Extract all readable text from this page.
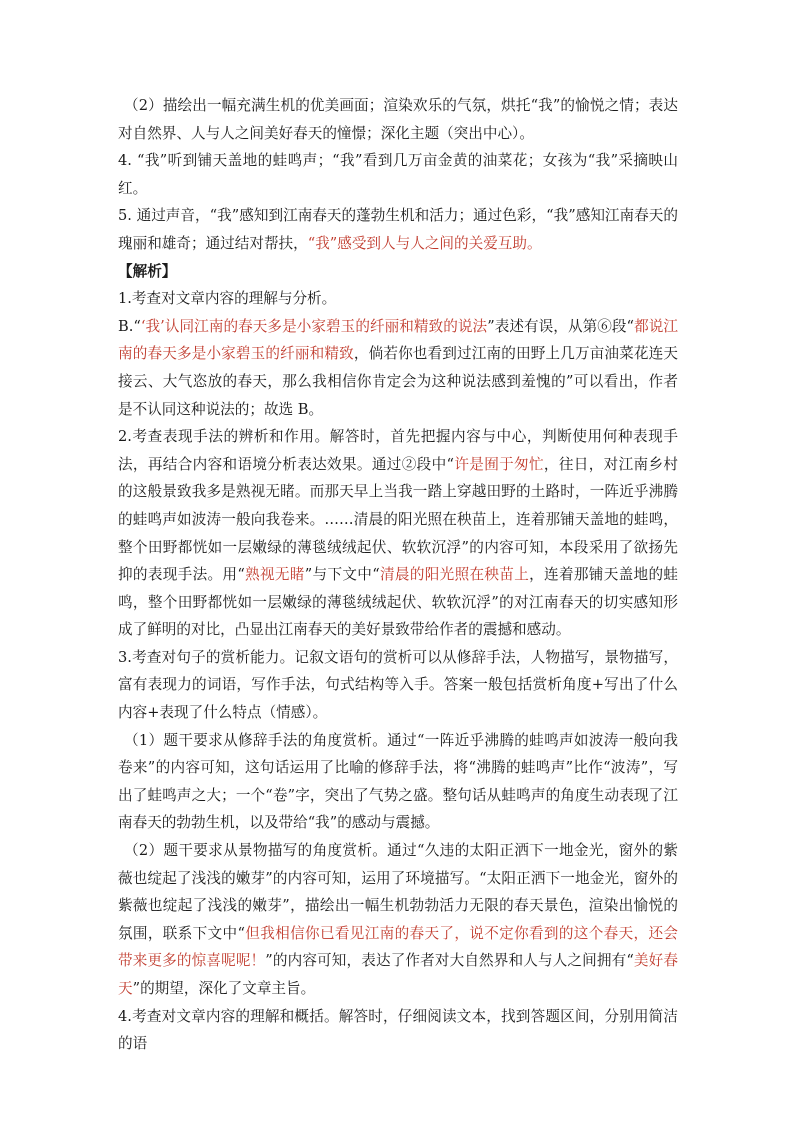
（2）描绘出一幅充满生机的优美画面；渲染欢乐的气氛，烘托“我”的愉悦之情；表达对自然界、人与人之间美好春天的憧憬；深化主题（突出中心）。

4. “我”听到铺天盖地的蛙鸣声；“我”看到几万亩金黄的油菜花；女孩为“我”采摘映山红。

5. 通过声音，“我”感知到江南春天的蓬勃生机和活力；通过色彩，“我”感知江南春天的瑰丽和雄奇；通过结对帮扶，“我”感受到人与人之间的关爱互助。

【解析】

1.考查对文章内容的理解与分析。

B.“‘我’认同江南的春天多是小家碧玉的纤丽和精致的说法”表述有误，从第⑥段“都说江南的春天多是小家碧玉的纤丽和精致，倘若你也看到过江南的田野上几万亩油菜花连天接云、大气恣放的春天，那么我相信你肯定会为这种说法感到羞愧的”可以看出，作者是不认同这种说法的；故选 B。

2.考查表现手法的辨析和作用。解答时，首先把握内容与中心，判断使用何种表现手法，再结合内容和语境分析表达效果。通过②段中“许是囿于匆忙，往日，对江南乡村的这般景致我多是熟视无睹。而那天早上当我一踏上穿越田野的土路时，一阵近乎沸腾的蛙鸣声如波涛一般向我卷来。……清晨的阳光照在秧苗上，连着那铺天盖地的蛙鸣，整个田野都恍如一层嫩绿的薄毯绒绒起伏、软软沉浮”的内容可知，本段采用了欲扬先抑的表现手法。用“熟视无睹”与下文中“清晨的阳光照在秧苗上，连着那铺天盖地的蛙鸣，整个田野都恍如一层嫩绿的薄毯绒绒起伏、软软沉浮”的对江南春天的切实感知形成了鲜明的对比，凸显出江南春天的美好景致带给作者的震撼和感动。

3.考查对句子的赏析能力。记叙文语句的赏析可以从修辞手法，人物描写，景物描写，富有表现力的词语，写作手法，句式结构等入手。答案一般包括赏析角度+写出了什么内容+表现了什么特点（情感）。

（1）题干要求从修辞手法的角度赏析。通过“一阵近乎沸腾的蛙鸣声如波涛一般向我卷来”的内容可知，这句话运用了比喻的修辞手法，将“沸腾的蛙鸣声”比作“波涛”，写出了蛙鸣声之大；一个“卷”字，突出了气势之盛。整句话从蛙鸣声的角度生动表现了江南春天的勃勃生机，以及带给“我”的感动与震撼。

（2）题干要求从景物描写的角度赏析。通过“久违的太阳正洒下一地金光，窗外的紫薇也绽起了浅浅的嫩芽”的内容可知，运用了环境描写。“太阳正洒下一地金光，窗外的紫薇也绽起了浅浅的嫩芽”，描绘出一幅生机勃勃活力无限的春天景色，渲染出愉悦的氛围，联系下文中“但我相信你已看见江南的春天了，说不定你看到的这个春天，还会带来更多的惊喜呢呢！”的内容可知，表达了作者对大自然界和人与人之间拥有“美好春天”的期望，深化了文章主旨。

4.考查对文章内容的理解和概括。解答时，仔细阅读文本，找到答题区间，分别用简洁的语
